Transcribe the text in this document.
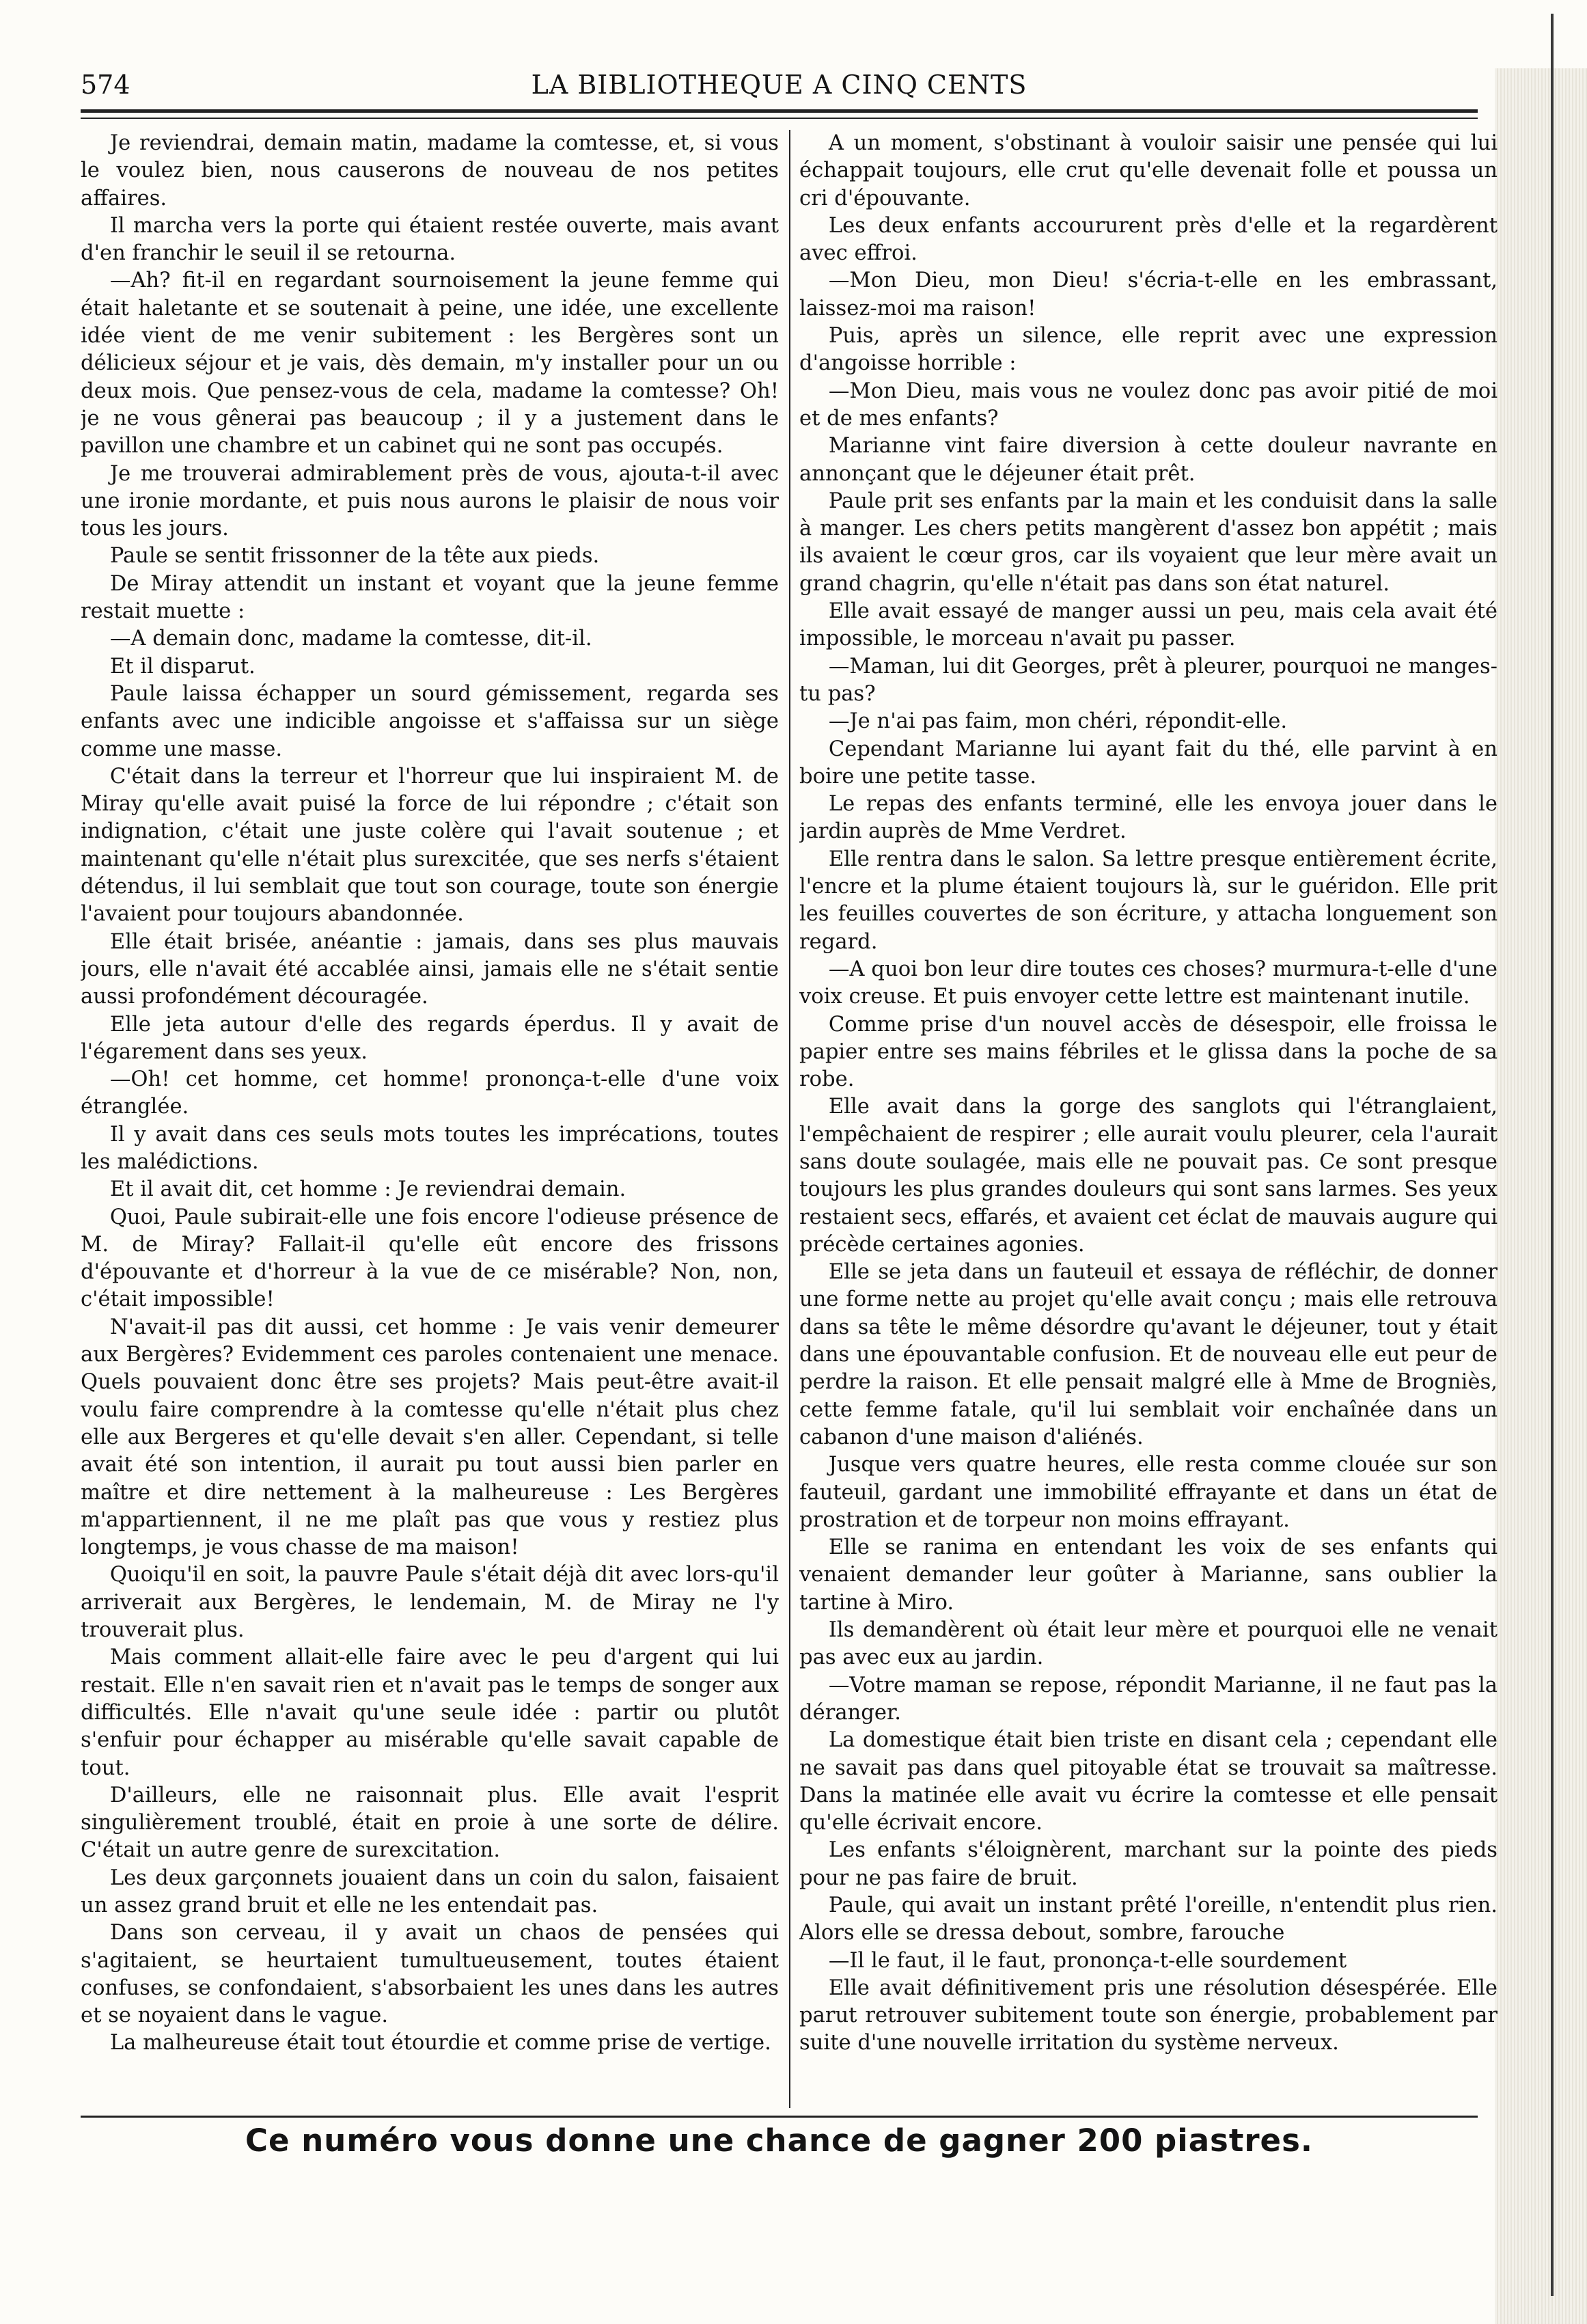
574	LA BIBLIOTHEQUE A CINQ CENTS

Je reviendrai, demain matin, madame la comtesse, et, si vous le voulez bien, nous causerons de nouveau de nos petites affaires.

Il marcha vers la porte qui étaient restée ouverte, mais avant d'en franchir le seuil il se retourna.

—Ah? fit-il en regardant sournoisement la jeune femme qui était haletante et se soutenait à peine, une idée, une excellente idée vient de me venir subitement : les Bergères sont un délicieux séjour et je vais, dès demain, m'y installer pour un ou deux mois. Que pensez-vous de cela, madame la comtesse? Oh! je ne vous gênerai pas beaucoup ; il y a justement dans le pavillon une chambre et un cabinet qui ne sont pas occupés.

Je me trouverai admirablement près de vous, ajouta-t-il avec une ironie mordante, et puis nous aurons le plaisir de nous voir tous les jours.

Paule se sentit frissonner de la tête aux pieds.

De Miray attendit un instant et voyant que la jeune femme restait muette :

—A demain donc, madame la comtesse, dit-il.

Et il disparut.

Paule laissa échapper un sourd gémissement, regarda ses enfants avec une indicible angoisse et s'affaissa sur un siège comme une masse.

C'était dans la terreur et l'horreur que lui inspiraient M. de Miray qu'elle avait puisé la force de lui répondre ; c'était son indignation, c'était une juste colère qui l'avait soutenue ; et maintenant qu'elle n'était plus surexcitée, que ses nerfs s'étaient détendus, il lui semblait que tout son courage, toute son énergie l'avaient pour toujours abandonnée.

Elle était brisée, anéantie : jamais, dans ses plus mauvais jours, elle n'avait été accablée ainsi, jamais elle ne s'était sentie aussi profondément découragée.

Elle jeta autour d'elle des regards éperdus. Il y avait de l'égarement dans ses yeux.

—Oh! cet homme, cet homme! prononça-t-elle d'une voix étranglée.

Il y avait dans ces seuls mots toutes les imprécations, toutes les malédictions.

Et il avait dit, cet homme : Je reviendrai demain.

Quoi, Paule subirait-elle une fois encore l'odieuse présence de M. de Miray? Fallait-il qu'elle eût encore des frissons d'épouvante et d'horreur à la vue de ce misérable? Non, non, c'était impossible!

N'avait-il pas dit aussi, cet homme : Je vais venir demeurer aux Bergères? Evidemment ces paroles contenaient une menace. Quels pouvaient donc être ses projets? Mais peut-être avait-il voulu faire comprendre à la comtesse qu'elle n'était plus chez elle aux Bergeres et qu'elle devait s'en aller. Cependant, si telle avait été son intention, il aurait pu tout aussi bien parler en maître et dire nettement à la malheureuse : Les Bergères m'appartiennent, il ne me plaît pas que vous y restiez plus longtemps, je vous chasse de ma maison!

Quoiqu'il en soit, la pauvre Paule s'était déjà dit avec lors-qu'il arriverait aux Bergères, le lendemain, M. de Miray ne l'y trouverait plus.

Mais comment allait-elle faire avec le peu d'argent qui lui restait. Elle n'en savait rien et n'avait pas le temps de songer aux difficultés. Elle n'avait qu'une seule idée : partir ou plutôt s'enfuir pour échapper au misérable qu'elle savait capable de tout.

D'ailleurs, elle ne raisonnait plus. Elle avait l'esprit singulièrement troublé, était en proie à une sorte de délire. C'était un autre genre de surexcitation.

Les deux garçonnets jouaient dans un coin du salon, faisaient un assez grand bruit et elle ne les entendait pas.

Dans son cerveau, il y avait un chaos de pensées qui s'agitaient, se heurtaient tumultueusement, toutes étaient confuses, se confondaient, s'absorbaient les unes dans les autres et se noyaient dans le vague.

La malheureuse était tout étourdie et comme prise de vertige.

A un moment, s'obstinant à vouloir saisir une pensée qui lui échappait toujours, elle crut qu'elle devenait folle et poussa un cri d'épouvante.

Les deux enfants accoururent près d'elle et la regardèrent avec effroi.

—Mon Dieu, mon Dieu! s'écria-t-elle en les embrassant, laissez-moi ma raison!

Puis, après un silence, elle reprit avec une expression d'angoisse horrible :

—Mon Dieu, mais vous ne voulez donc pas avoir pitié de moi et de mes enfants?

Marianne vint faire diversion à cette douleur navrante en annonçant que le déjeuner était prêt.

Paule prit ses enfants par la main et les conduisit dans la salle à manger. Les chers petits mangèrent d'assez bon appétit ; mais ils avaient le cœur gros, car ils voyaient que leur mère avait un grand chagrin, qu'elle n'était pas dans son état naturel.

Elle avait essayé de manger aussi un peu, mais cela avait été impossible, le morceau n'avait pu passer.

—Maman, lui dit Georges, prêt à pleurer, pourquoi ne manges-tu pas?

—Je n'ai pas faim, mon chéri, répondit-elle.

Cependant Marianne lui ayant fait du thé, elle parvint à en boire une petite tasse.

Le repas des enfants terminé, elle les envoya jouer dans le jardin auprès de Mme Verdret.

Elle rentra dans le salon. Sa lettre presque entièrement écrite, l'encre et la plume étaient toujours là, sur le guéridon. Elle prit les feuilles couvertes de son écriture, y attacha longuement son regard.

—A quoi bon leur dire toutes ces choses? murmura-t-elle d'une voix creuse. Et puis envoyer cette lettre est maintenant inutile.

Comme prise d'un nouvel accès de désespoir, elle froissa le papier entre ses mains fébriles et le glissa dans la poche de sa robe.

Elle avait dans la gorge des sanglots qui l'étranglaient, l'empêchaient de respirer ; elle aurait voulu pleurer, cela l'aurait sans doute soulagée, mais elle ne pouvait pas. Ce sont presque toujours les plus grandes douleurs qui sont sans larmes. Ses yeux restaient secs, effarés, et avaient cet éclat de mauvais augure qui précède certaines agonies.

Elle se jeta dans un fauteuil et essaya de réfléchir, de donner une forme nette au projet qu'elle avait conçu ; mais elle retrouva dans sa tête le même désordre qu'avant le déjeuner, tout y était dans une épouvantable confusion. Et de nouveau elle eut peur de perdre la raison. Et elle pensait malgré elle à Mme de Brogniès, cette femme fatale, qu'il lui semblait voir enchaînée dans un cabanon d'une maison d'aliénés.

Jusque vers quatre heures, elle resta comme clouée sur son fauteuil, gardant une immobilité effrayante et dans un état de prostration et de torpeur non moins effrayant.

Elle se ranima en entendant les voix de ses enfants qui venaient demander leur goûter à Marianne, sans oublier la tartine à Miro.

Ils demandèrent où était leur mère et pourquoi elle ne venait pas avec eux au jardin.

—Votre maman se repose, répondit Marianne, il ne faut pas la déranger.

La domestique était bien triste en disant cela ; cependant elle ne savait pas dans quel pitoyable état se trouvait sa maîtresse. Dans la matinée elle avait vu écrire la comtesse et elle pensait qu'elle écrivait encore.

Les enfants s'éloignèrent, marchant sur la pointe des pieds pour ne pas faire de bruit.

Paule, qui avait un instant prêté l'oreille, n'entendit plus rien. Alors elle se dressa debout, sombre, farouche

—Il le faut, il le faut, prononça-t-elle sourdement

Elle avait définitivement pris une résolution désespérée. Elle parut retrouver subitement toute son énergie, probablement par suite d'une nouvelle irritation du système nerveux.

Ce numéro vous donne une chance de gagner 200 piastres.
